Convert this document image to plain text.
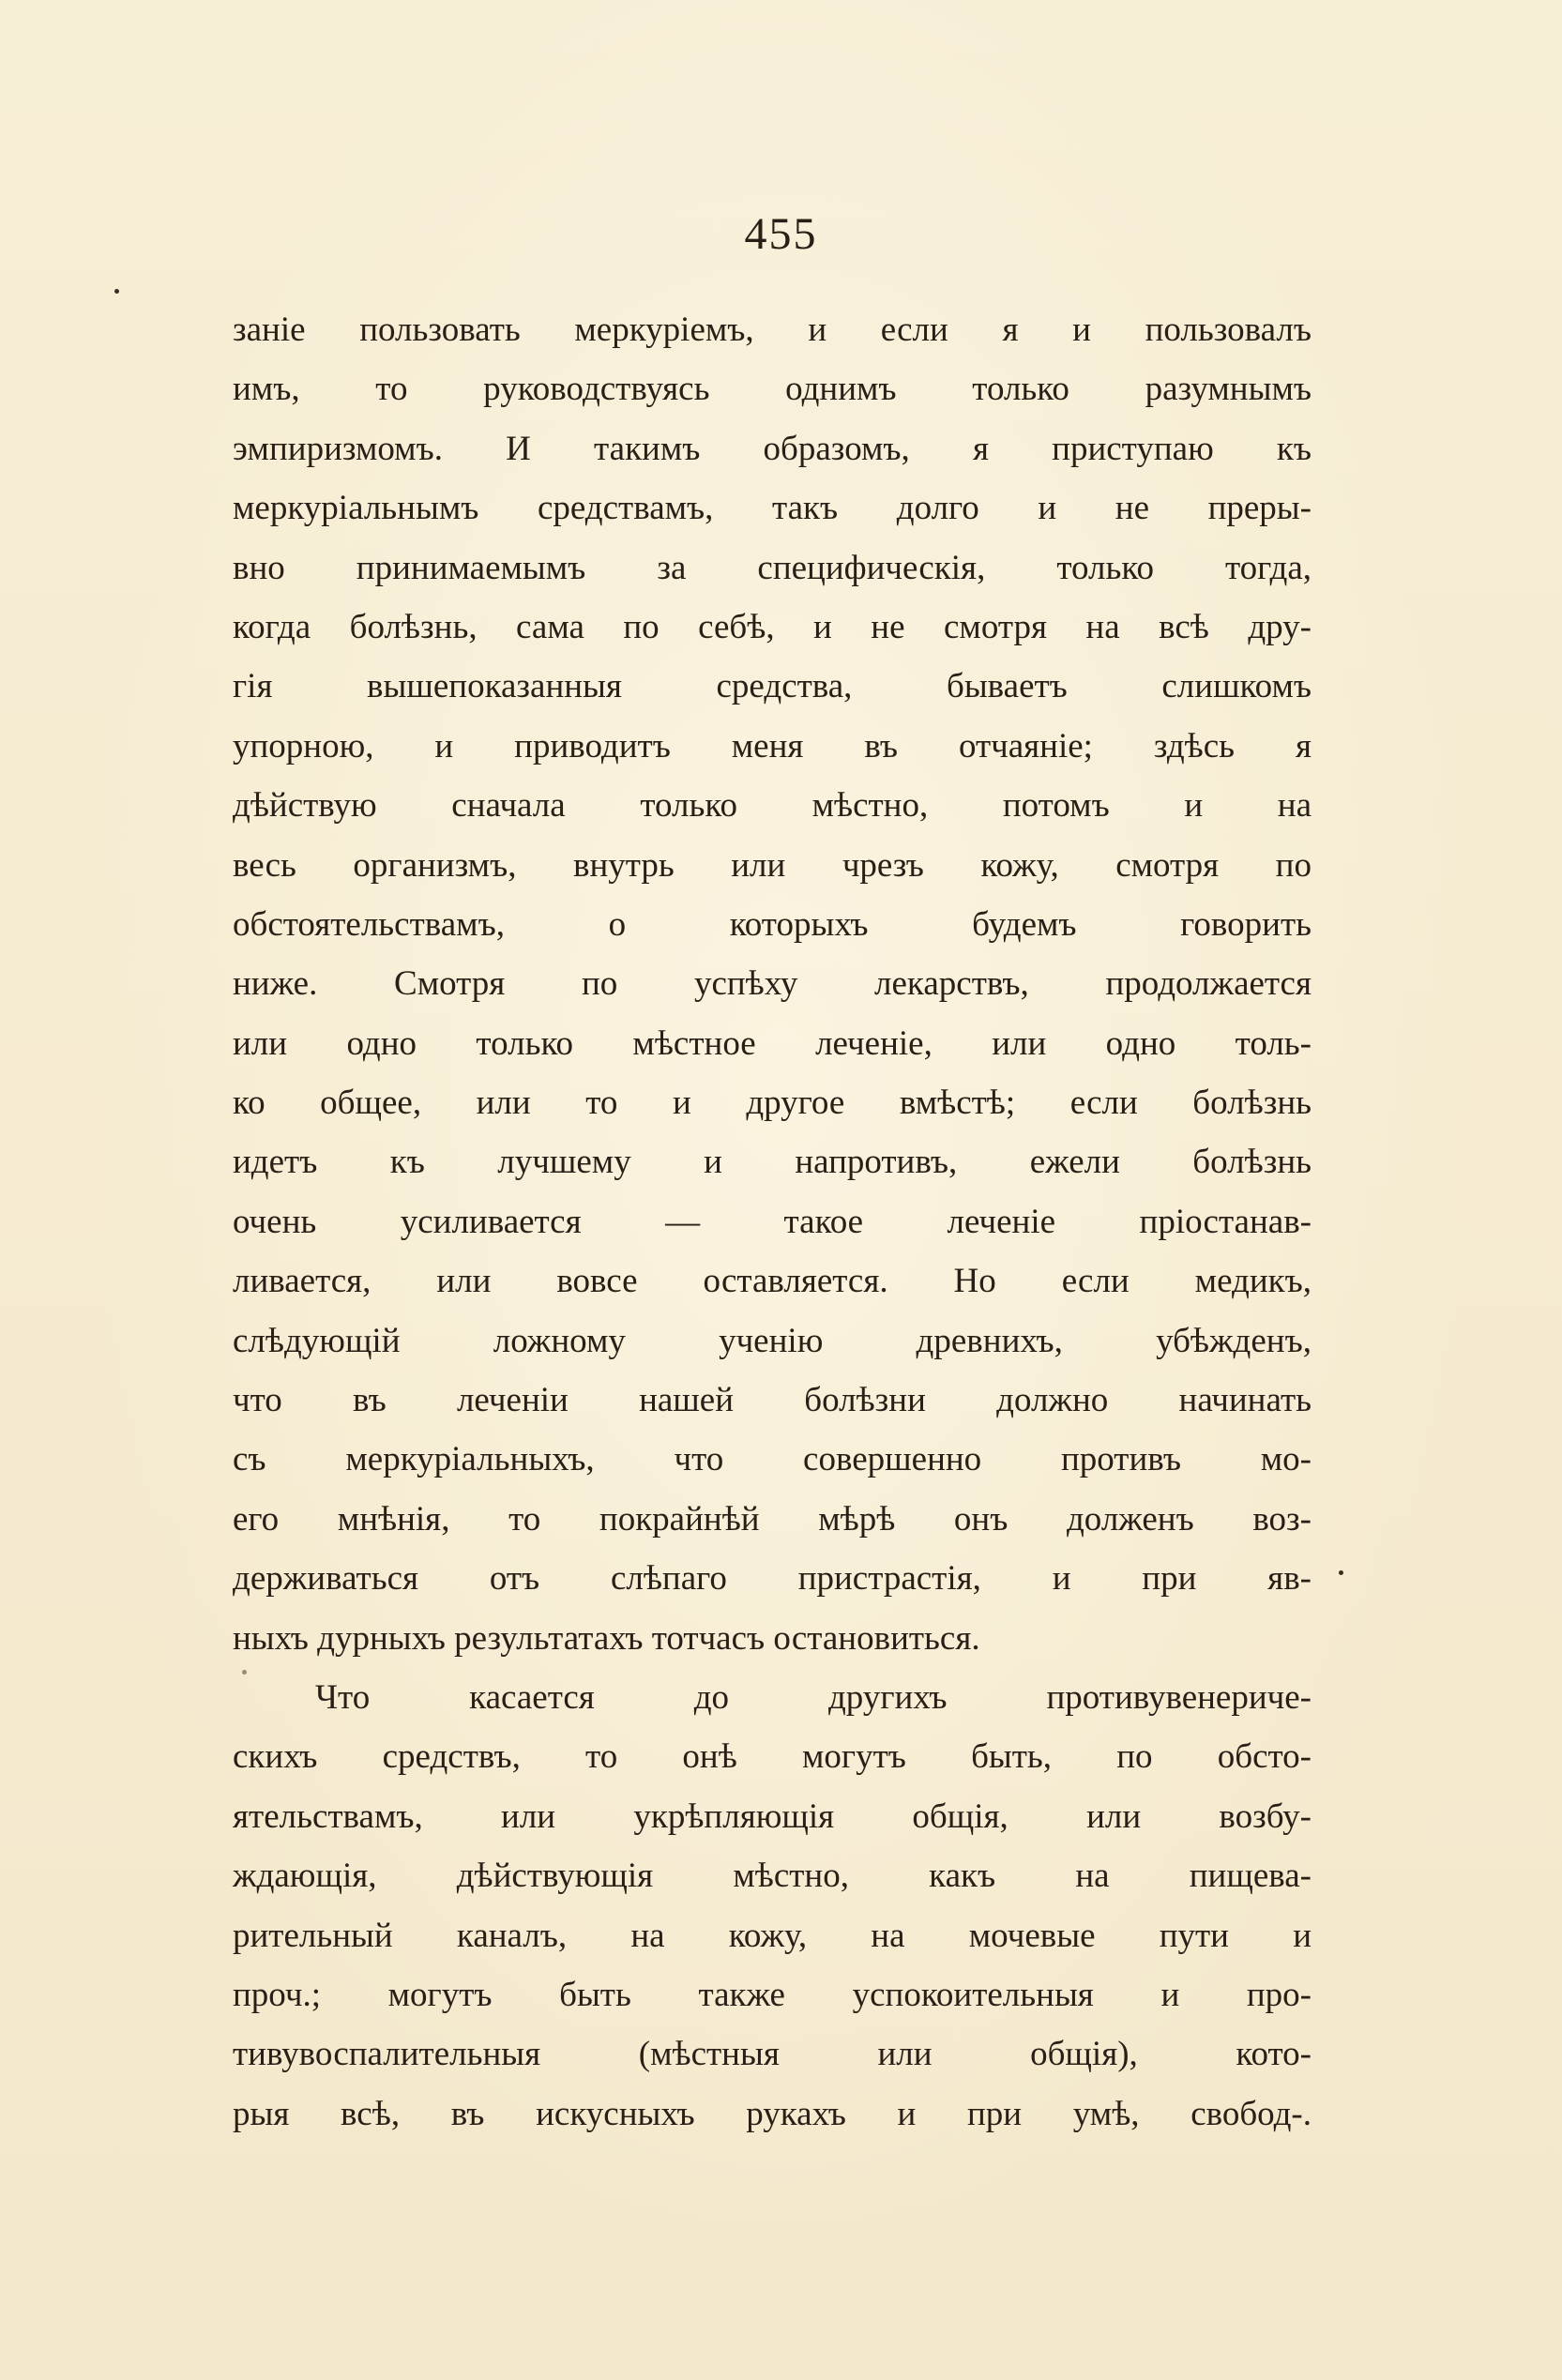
455
заніе пользовать меркуріемъ, и если я и пользовалъ
имъ, то руководствуясь однимъ только разумнымъ
эмпиризмомъ. И такимъ образомъ, я приступаю къ
меркуріальнымъ средствамъ, такъ долго и не преры-
вно принимаемымъ за специфическія, только тогда,
когда болѣзнь, сама по себѣ, и не смотря на всѣ дру-
гія вышепоказанныя средства, бываетъ слишкомъ
упорною, и приводитъ меня въ отчаяніе; здѣсь я
дѣйствую сначала только мѣстно, потомъ и на
весь организмъ, внутрь или чрезъ кожу, смотря по
обстоятельствамъ, о которыхъ будемъ говорить
ниже. Смотря по успѣху лекарствъ, продолжается
или одно только мѣстное леченіе, или одно толь-
ко общее, или то и другое вмѣстѣ; если болѣзнь
идетъ къ лучшему и напротивъ, ежели болѣзнь
очень усиливается — такое леченіе пріостанав-
ливается, или вовсе оставляется. Но если медикъ,
слѣдующій ложному ученію древнихъ, убѣжденъ,
что въ леченіи нашей болѣзни должно начинать
съ меркуріальныхъ, что совершенно противъ мо-
его мнѣнія, то покрайнѣй мѣрѣ онъ долженъ воз-
держиваться отъ слѣпаго пристрастія, и при яв-
ныхъ дурныхъ результатахъ тотчасъ остановиться.
Что касается до другихъ противувенериче-
скихъ средствъ, то онѣ могутъ быть, по обсто-
ятельствамъ, или укрѣпляющія общія, или возбу-
ждающія, дѣйствующія мѣстно, какъ на пищева-
рительный каналъ, на кожу, на мочевые пути и
проч.; могутъ быть также успокоительныя и про-
тивувоспалительныя (мѣстныя или общія), кото-
рыя всѣ, въ искусныхъ рукахъ и при умѣ, свобод-.
